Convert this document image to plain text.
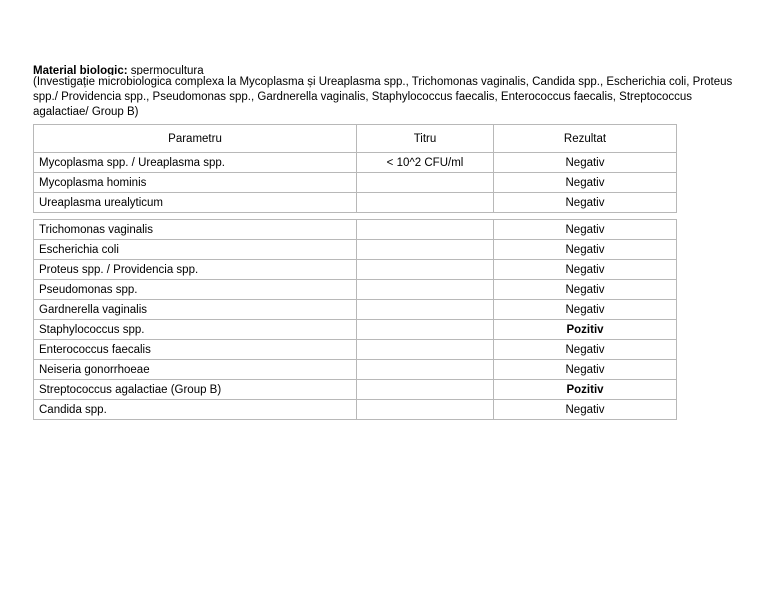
Material biologic: spermocultura
(Investigație microbiologica complexa la Mycoplasma și Ureaplasma spp., Trichomonas vaginalis, Candida spp., Escherichia coli, Proteus spp./ Providencia spp., Pseudomonas spp., Gardnerella vaginalis, Staphylococcus faecalis, Enterococcus faecalis, Streptococcus agalactiae/ Group B)
Parametru	Titru	Rezultat
Mycoplasma spp. / Ureaplasma spp.	< 10^2 CFU/ml	Negativ
Mycoplasma hominis		Negativ
Ureaplasma urealyticum		Negativ
Trichomonas vaginalis		Negativ
Escherichia coli		Negativ
Proteus spp. / Providencia spp.		Negativ
Pseudomonas spp.		Negativ
Gardnerella vaginalis		Negativ
Staphylococcus spp.		Pozitiv
Enterococcus faecalis		Negativ
Neiseria gonorrhoeae		Negativ
Streptococcus agalactiae (Group B)		Pozitiv
Candida spp.		Negativ
